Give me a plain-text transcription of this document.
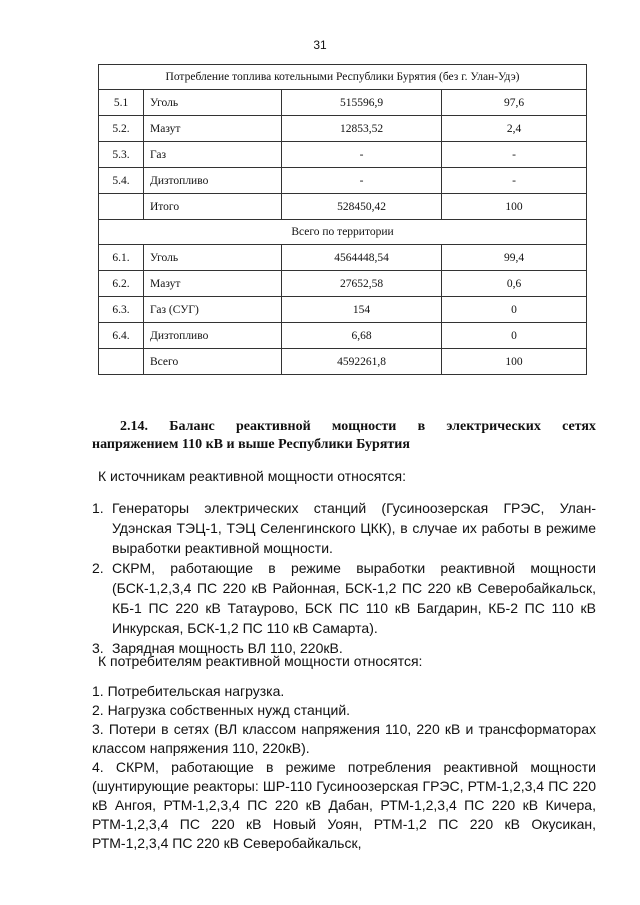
31
Потребление топлива котельными Республики Бурятия (без г. Улан-Удэ)			
5.1	Уголь	515596,9	97,6
5.2.	Мазут	12853,52	2,4
5.3.	Газ	-	-
5.4.	Дизтопливо	-	-
	Итого	528450,42	100
Всего по территории			
6.1.	Уголь	4564448,54	99,4
6.2.	Мазут	27652,58	0,6
6.3.	Газ (СУГ)	154	0
6.4.	Дизтопливо	6,68	0
	Всего	4592261,8	100
2.14. Баланс реактивной мощности в электрических сетях
напряжением 110 кВ и выше Республики Бурятия
К источникам реактивной мощности относятся:
1. Генераторы электрических станций (Гусиноозерская ГРЭС, Улан-Удэнская ТЭЦ-1, ТЭЦ Селенгинского ЦКК), в случае их работы в режиме выработки реактивной мощности.
2. СКРМ, работающие в режиме выработки реактивной мощности (БСК-1,2,3,4 ПС 220 кВ Районная, БСК-1,2 ПС 220 кВ Северобайкальск, КБ-1 ПС 220 кВ Татаурово, БСК ПС 110 кВ Багдарин, КБ-2 ПС 110 кВ Инкурская, БСК-1,2 ПС 110 кВ Самарта).
3. Зарядная мощность ВЛ 110, 220кВ.
К потребителям реактивной мощности относятся:
1. Потребительская нагрузка.
2. Нагрузка собственных нужд станций.
3. Потери в сетях (ВЛ классом напряжения 110, 220 кВ и трансформаторах классом напряжения 110, 220кВ).
4. СКРМ, работающие в режиме потребления реактивной мощности (шунтирующие реакторы: ШР-110 Гусиноозерская ГРЭС, РТМ-1,2,3,4 ПС 220 кВ Ангоя, РТМ-1,2,3,4 ПС 220 кВ Дабан, РТМ-1,2,3,4 ПС 220 кВ Кичера, РТМ-1,2,3,4 ПС 220 кВ Новый Уоян, РТМ-1,2 ПС 220 кВ Окусикан, РТМ-1,2,3,4 ПС 220 кВ Северобайкальск,
